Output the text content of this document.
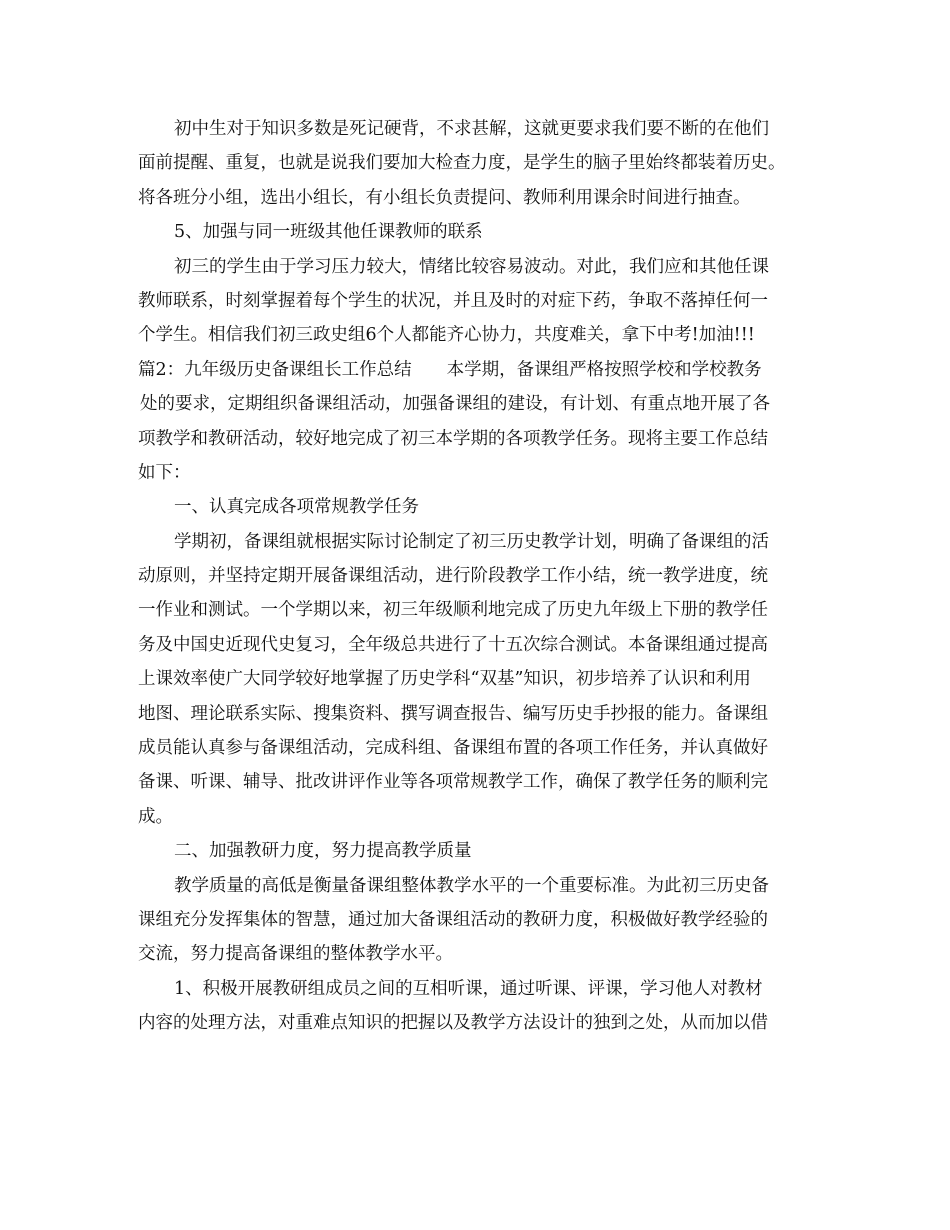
初中生对于知识多数是死记硬背，不求甚解，这就更要求我们要不断的在他们
面前提醒、重复，也就是说我们要加大检查力度，是学生的脑子里始终都装着历史。
将各班分小组，选出小组长，有小组长负责提问、教师利用课余时间进行抽查。
5、加强与同一班级其他任课教师的联系
初三的学生由于学习压力较大，情绪比较容易波动。对此，我们应和其他任课
教师联系，时刻掌握着每个学生的状况，并且及时的对症下药，争取不落掉任何一
个学生。相信我们初三政史组6个人都能齐心协力，共度难关，拿下中考!加油!!!
篇2：九年级历史备课组长工作总结　　本学期，备课组严格按照学校和学校教务
处的要求，定期组织备课组活动，加强备课组的建设，有计划、有重点地开展了各
项教学和教研活动，较好地完成了初三本学期的各项教学任务。现将主要工作总结
如下：
一、认真完成各项常规教学任务
学期初，备课组就根据实际讨论制定了初三历史教学计划，明确了备课组的活
动原则，并坚持定期开展备课组活动，进行阶段教学工作小结，统一教学进度，统
一作业和测试。一个学期以来，初三年级顺利地完成了历史九年级上下册的教学任
务及中国史近现代史复习，全年级总共进行了十五次综合测试。本备课组通过提高
上课效率使广大同学较好地掌握了历史学科“双基”知识，初步培养了认识和利用
地图、理论联系实际、搜集资料、撰写调查报告、编写历史手抄报的能力。备课组
成员能认真参与备课组活动，完成科组、备课组布置的各项工作任务，并认真做好
备课、听课、辅导、批改讲评作业等各项常规教学工作，确保了教学任务的顺利完
成。
二、加强教研力度，努力提高教学质量
教学质量的高低是衡量备课组整体教学水平的一个重要标准。为此初三历史备
课组充分发挥集体的智慧，通过加大备课组活动的教研力度，积极做好教学经验的
交流，努力提高备课组的整体教学水平。
1、积极开展教研组成员之间的互相听课，通过听课、评课，学习他人对教材
内容的处理方法，对重难点知识的把握以及教学方法设计的独到之处，从而加以借
